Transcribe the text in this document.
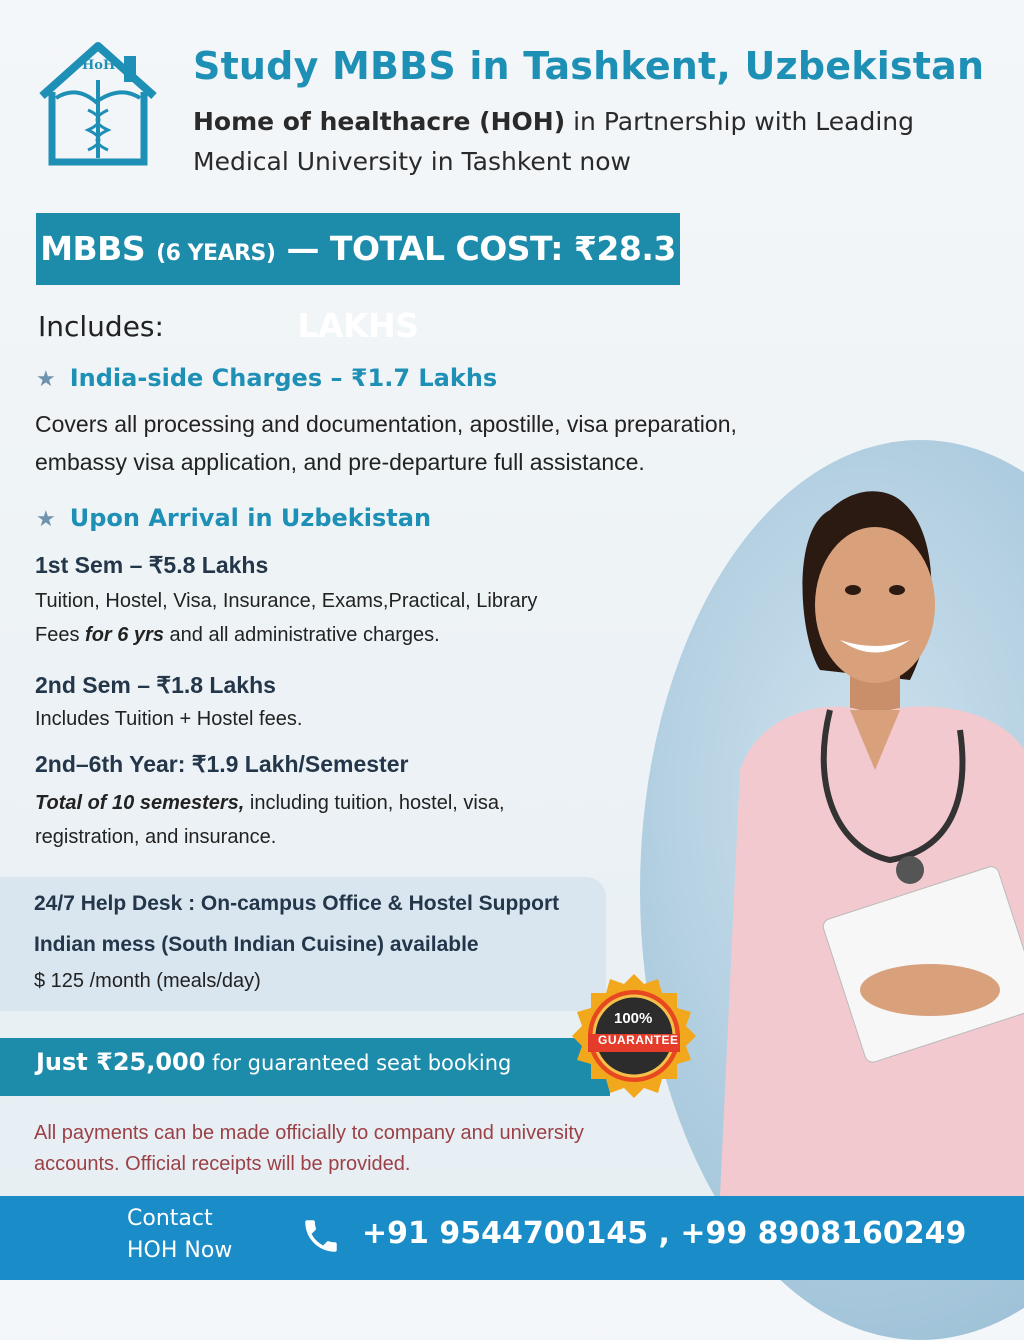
HoH Study MBBS in Tashkent, Uzbekistan
Home of healthacre (HOH) in Partnership with Leading
Medical University in Tashkent now
MBBS (6 YEARS) — TOTAL COST: ₹28.3 LAKHS
Includes:
★ India-side Charges – ₹1.7 Lakhs
Covers all processing and documentation, apostille, visa preparation, embassy visa application, and pre-departure full assistance.
★ Upon Arrival in Uzbekistan
1st Sem – ₹5.8 Lakhs
Tuition, Hostel, Visa, Insurance, Exams,Practical, Library
Fees for 6 yrs and all administrative charges.
2nd Sem – ₹1.8 Lakhs
Includes Tuition + Hostel fees.
2nd–6th Year: ₹1.9 Lakh/Semester
Total of 10 semesters, including tuition, hostel, visa,
registration, and insurance.
24/7 Help Desk : On-campus Office & Hostel Support
Indian mess (South Indian Cuisine) available
$ 125 /month (meals/day)
Just ₹25,000 for guaranteed seat booking
100%
GUARANTEE
All payments can be made officially to company and university accounts. Official receipts will be provided.
Contact
HOH Now	+91 9544700145 , +99 8908160249
